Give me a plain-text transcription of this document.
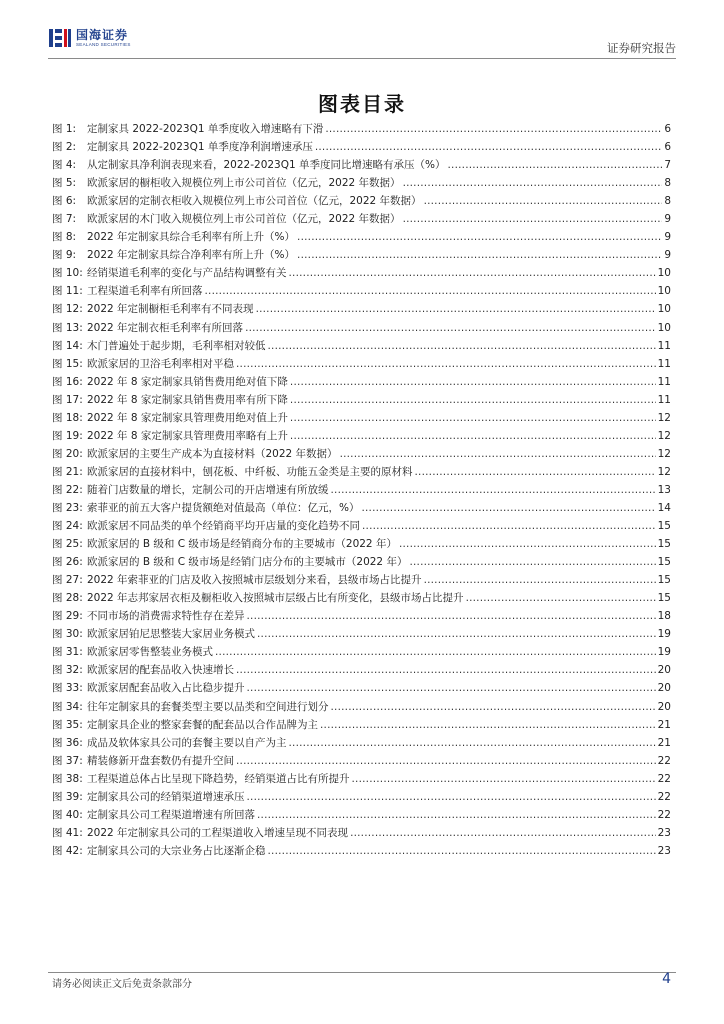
国海证券
SEALAND SECURITIES	证券研究报告
图表目录
图 1:	定制家具 2022-2023Q1 单季度收入增速略有下滑 .....	6
图 2:	定制家具 2022-2023Q1 单季度净利润增速承压 .....	6
图 4:	从定制家具净利润表现来看，2022-2023Q1 单季度同比增速略有承压（%） .....	7
图 5:	欧派家居的橱柜收入规模位列上市公司首位（亿元，2022 年数据） .....	8
图 6:	欧派家居的定制衣柜收入规模位列上市公司首位（亿元，2022 年数据） .....	8
图 7:	欧派家居的木门收入规模位列上市公司首位（亿元，2022 年数据） .....	9
图 8:	2022 年定制家具综合毛利率有所上升（%） .....	9
图 9:	2022 年定制家具综合净利率有所上升（%） .....	9
图 10: 经销渠道毛利率的变化与产品结构调整有关 .....	10
图 11: 工程渠道毛利率有所回落 .....	10
图 12: 2022 年定制橱柜毛利率有不同表现 .....	10
图 13: 2022 年定制衣柜毛利率有所回落 .....	10
图 14: 木门普遍处于起步期，毛利率相对较低 .....	11
图 15: 欧派家居的卫浴毛利率相对平稳 .....	11
图 16: 2022 年 8 家定制家具销售费用绝对值下降 .....	11
图 17: 2022 年 8 家定制家具销售费用率有所下降 .....	11
图 18: 2022 年 8 家定制家具管理费用绝对值上升 .....	12
图 19: 2022 年 8 家定制家具管理费用率略有上升 .....	12
图 20: 欧派家居的主要生产成本为直接材料（2022 年数据） .....	12
图 21: 欧派家居的直接材料中，刨花板、中纤板、功能五金类是主要的原材料 .....	12
图 22: 随着门店数量的增长，定制公司的开店增速有所放缓 .....	13
图 23: 索菲亚的前五大客户提货额绝对值最高（单位：亿元，%） .....	14
图 24: 欧派家居不同品类的单个经销商平均开店量的变化趋势不同 .....	15
图 25: 欧派家居的 B 级和 C 级市场是经销商分布的主要城市（2022 年） .....	15
图 26: 欧派家居的 B 级和 C 级市场是经销门店分布的主要城市（2022 年） .....	15
图 27: 2022 年索菲亚的门店及收入按照城市层级划分来看，县级市场占比提升 .....	15
图 28: 2022 年志邦家居衣柜及橱柜收入按照城市层级占比有所变化，县级市场占比提升 .....	15
图 29: 不同市场的消费需求特性存在差异 .....	18
图 30: 欧派家居铂尼思整装大家居业务模式 .....	19
图 31: 欧派家居零售整装业务模式 .....	19
图 32: 欧派家居的配套品收入快速增长 .....	20
图 33: 欧派家居配套品收入占比稳步提升 .....	20
图 34: 往年定制家具的套餐类型主要以品类和空间进行划分 .....	20
图 35: 定制家具企业的整家套餐的配套品以合作品牌为主 .....	21
图 36: 成品及软体家具公司的套餐主要以自产为主 .....	21
图 37: 精装修新开盘套数仍有提升空间 .....	22
图 38: 工程渠道总体占比呈现下降趋势，经销渠道占比有所提升 .....	22
图 39: 定制家具公司的经销渠道增速承压 .....	22
图 40: 定制家具公司工程渠道增速有所回落 .....	22
图 41: 2022 年定制家具公司的工程渠道收入增速呈现不同表现 .....	23
图 42: 定制家具公司的大宗业务占比逐渐企稳 .....	23
请务必阅读正文后免责条款部分	4
